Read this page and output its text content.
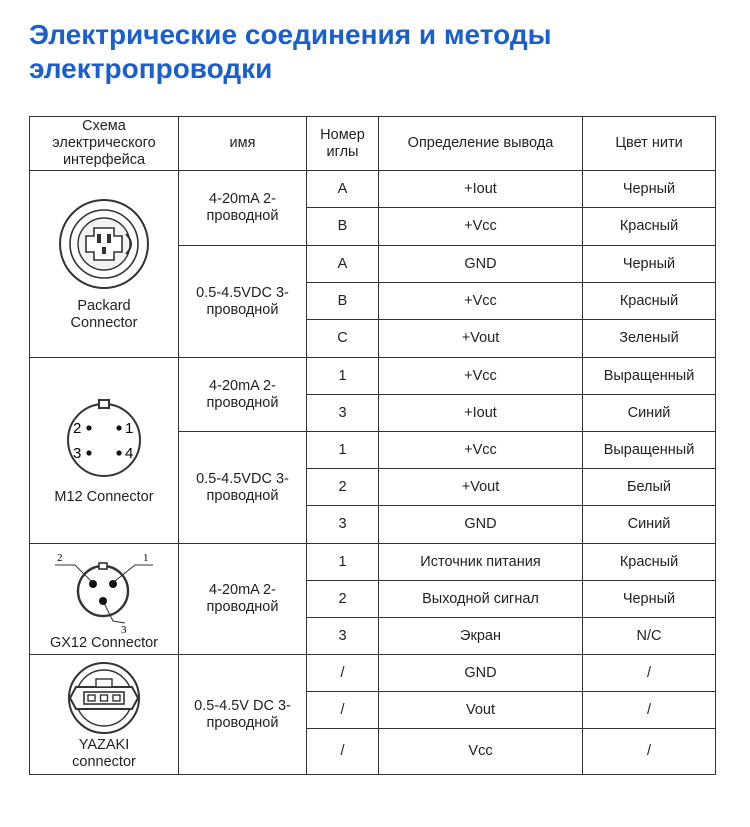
Электрические соединения и методы электропроводки
Схема электрического интерфейса	имя	Номер иглы	Определение вывода	Цвет нити

Packard Connector	4-20mA 2-проводной	A	+Iout	Черный
		B	+Vcc	Красный
	0.5-4.5VDC 3-проводной	A	GND	Черный
		B	+Vcc	Красный
		C	+Vout	Зеленый

1
2
3 4
M12 Connector	4-20mA 2-проводной	1	+Vcc	Выращенный
		3	+Iout	Синий
	0.5-4.5VDC 3-проводной	1	+Vcc	Выращенный
		2	+Vout	Белый
		3	GND	Синий

2 1
3
GX12 Connector	4-20mA 2-проводной	1	Источник питания	Красный
		2	Выходной сигнал	Черный
		3	Экран	N/C

YAZAKI connector	0.5-4.5V DC 3-проводной	/	GND	/
		/	Vout	/
		/	Vcc	/
